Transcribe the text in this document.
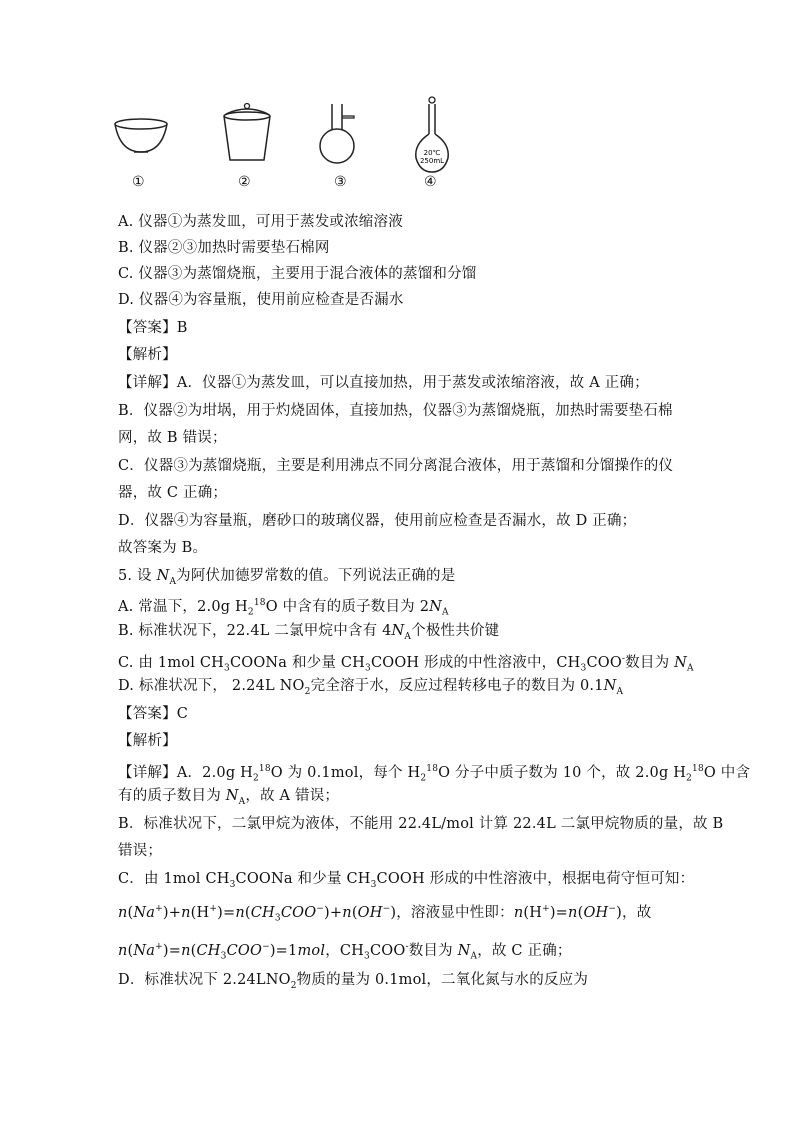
20℃
250mL
①	②	③	④
A. 仪器①为蒸发皿，可用于蒸发或浓缩溶液
B. 仪器②③加热时需要垫石棉网
C. 仪器③为蒸馏烧瓶，主要用于混合液体的蒸馏和分馏
D. 仪器④为容量瓶，使用前应检查是否漏水
【答案】B
【解析】
【详解】A．仪器①为蒸发皿，可以直接加热，用于蒸发或浓缩溶液，故 A 正确；
B．仪器②为坩埚，用于灼烧固体，直接加热，仪器③为蒸馏烧瓶，加热时需要垫石棉
网，故 B 错误；
C．仪器③为蒸馏烧瓶，主要是利用沸点不同分离混合液体，用于蒸馏和分馏操作的仪
器，故 C 正确；
D．仪器④为容量瓶，磨砂口的玻璃仪器，使用前应检查是否漏水，故 D 正确；
故答案为 B。
5. 设 $N_A$为阿伏加德罗常数的值。下列说法正确的是
A. 常温下，2.0g $H_2^{18}O$ 中含有的质子数目为 $2N_A$
B. 标准状况下，22.4L 二氯甲烷中含有 $4N_A$个极性共价键
C. 由 1mol $CH_3COONa$ 和少量 $CH_3COOH$ 形成的中性溶液中，$CH_3COO^-$数目为 $N_A$
D. 标准状况下， 2.24L $NO_2$完全溶于水，反应过程转移电子的数目为 $0.1N_A$
【答案】C
【解析】
【详解】A．2.0g $H_2^{18}O$ 为 0.1mol，每个 $H_2^{18}O$ 分子中质子数为 10 个，故 2.0g $H_2^{18}O$ 中含
有的质子数目为 $N_A$，故 A 错误；
B．标准状况下，二氯甲烷为液体，不能用 22.4L/mol 计算 22.4L 二氯甲烷物质的量，故 B
错误；
C．由 1mol $CH_3COONa$ 和少量 $CH_3COOH$ 形成的中性溶液中，根据电荷守恒可知：
$n(Na^+)+n(H^+)=n(CH_3COO^-)+n(OH^-)$，溶液显中性即：n(H+)=n(OH−)，故
$n(Na^+)=n(CH_3COO^-)=1mol$，$CH_3COO^-$数目为 $N_A$，故 C 正确；
D．标准状况下 $2.24LNO_2$物质的量为 0.1mol，二氧化氮与水的反应为
